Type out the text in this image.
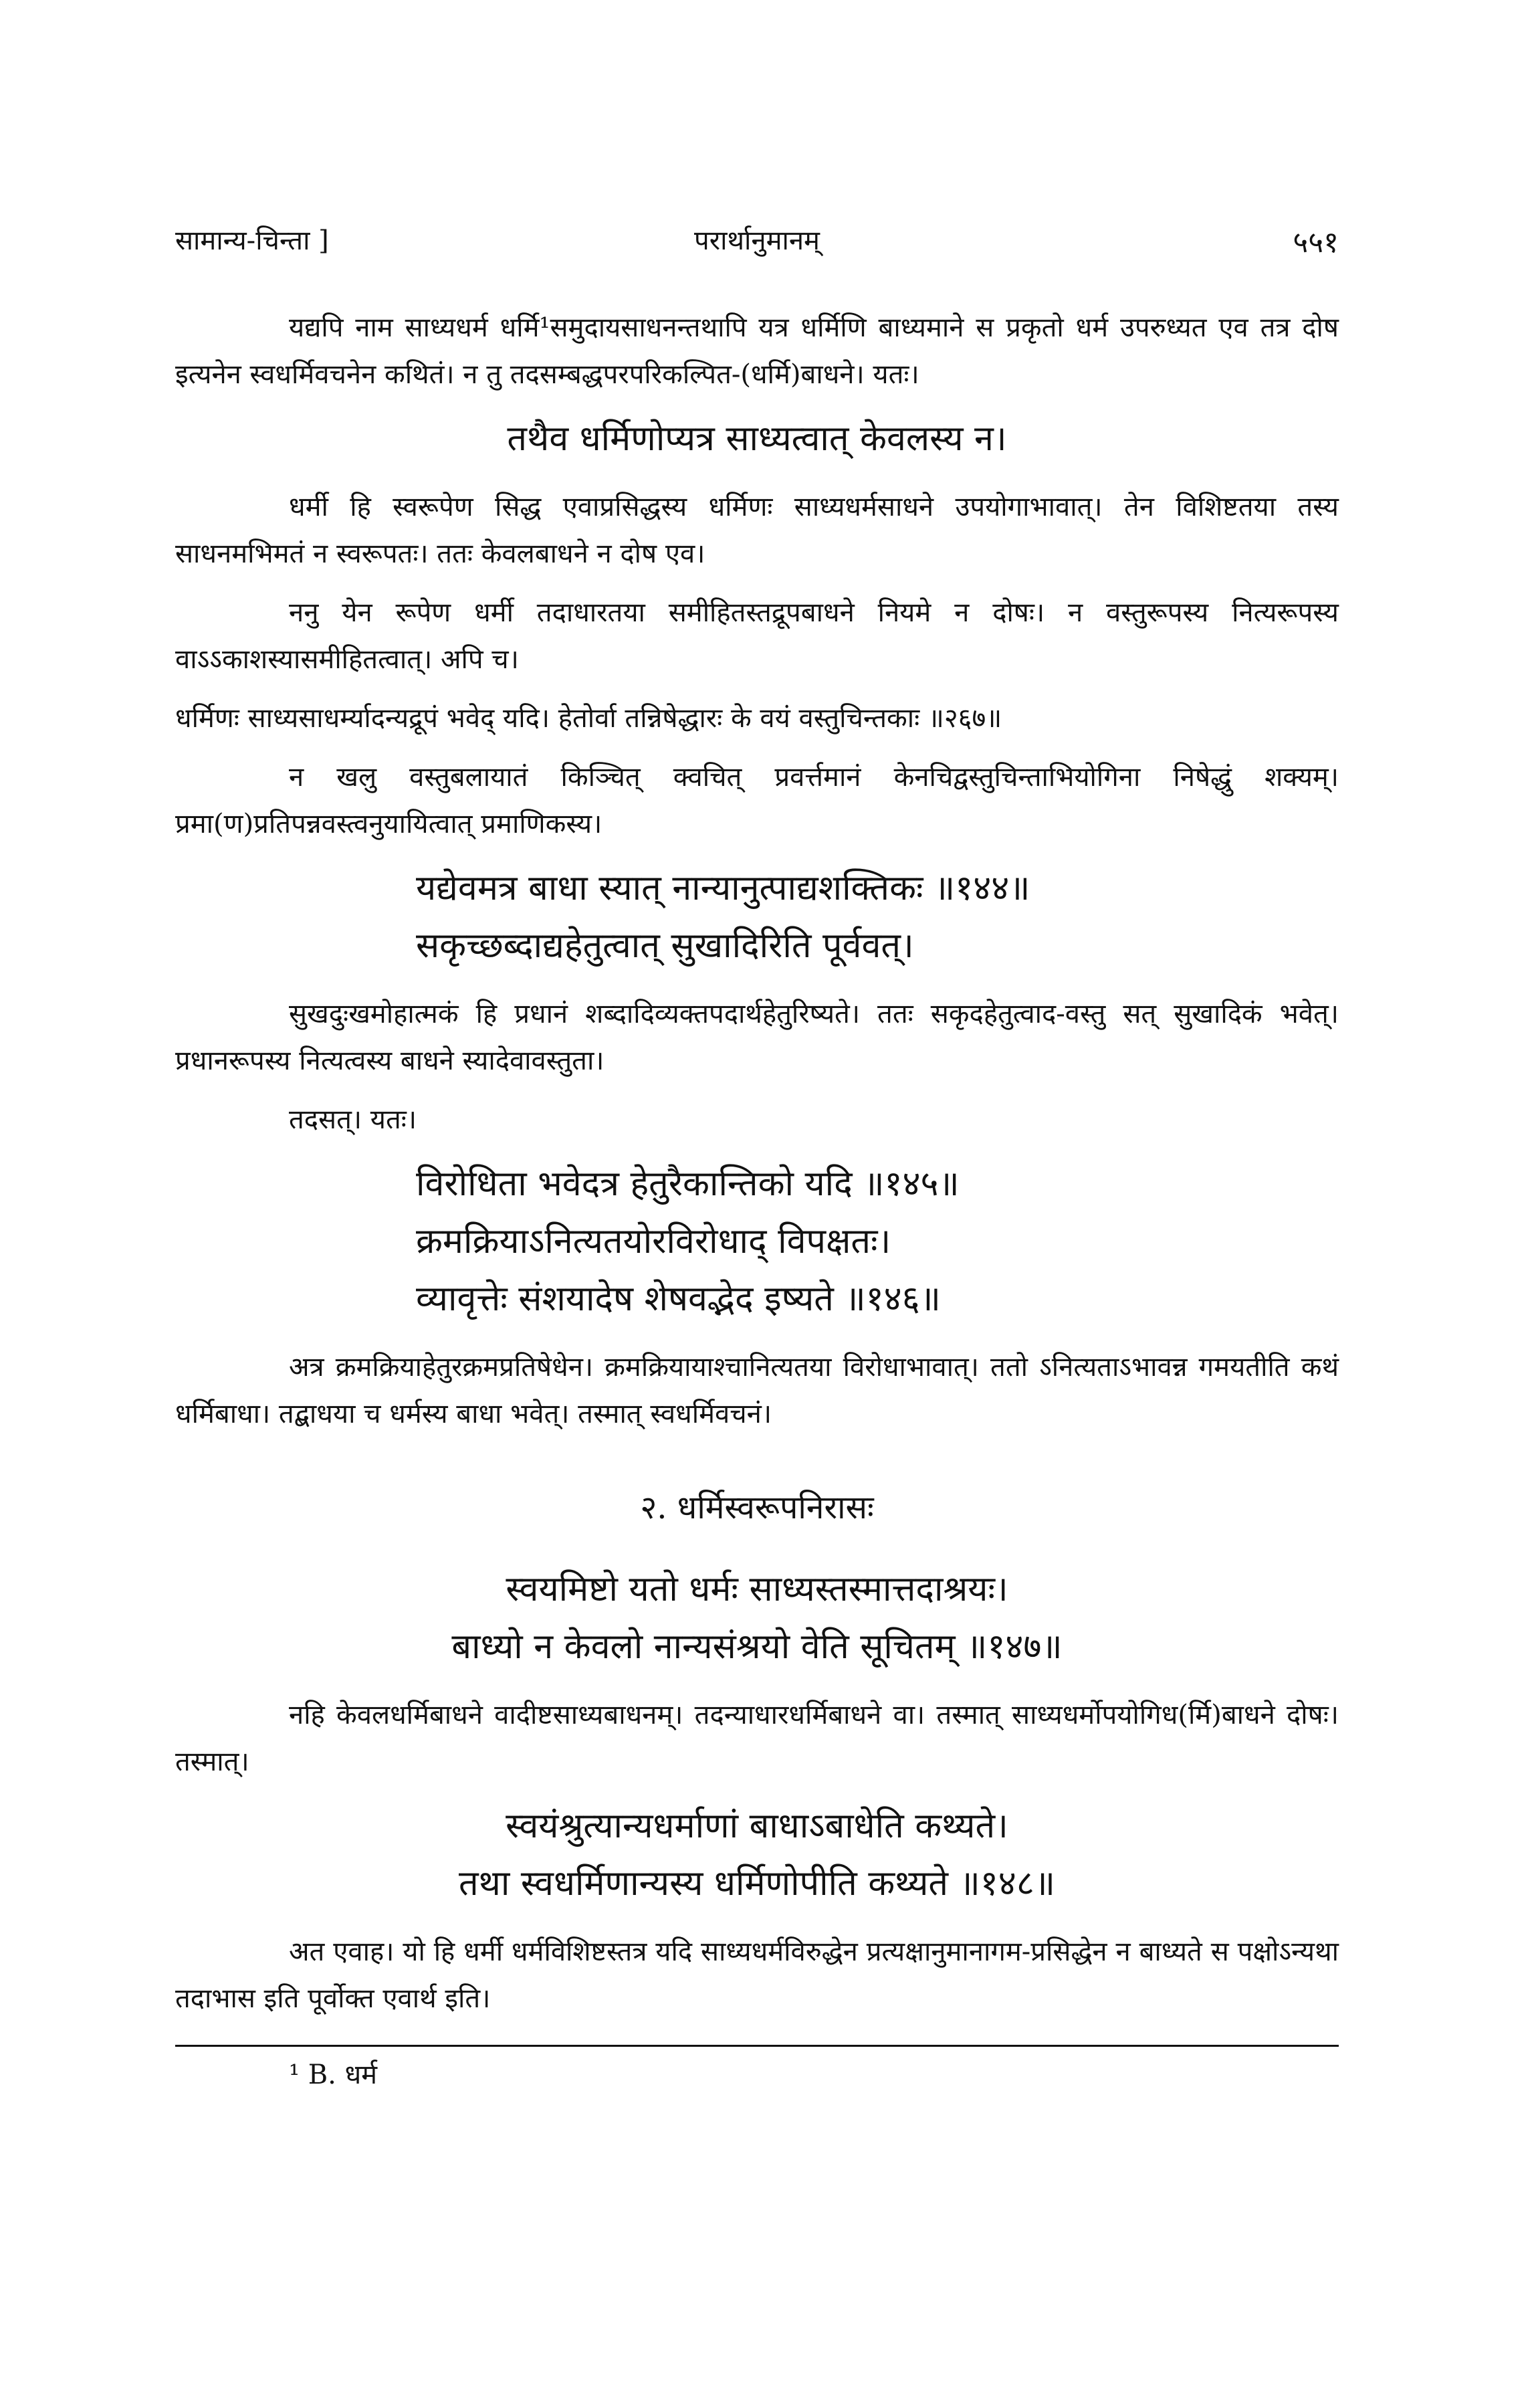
सामान्य-चिन्ता ]	परार्थानुमानम्	५५१

यद्यपि नाम साध्यधर्म धर्मि¹समुदायसाधनन्तथापि यत्र धर्मिणि बाध्यमाने स प्रकृतो धर्म उपरुध्यत एव तत्र दोष इत्यनेन स्वधर्मिवचनेन कथितं। न तु तदसम्बद्धपरपरिकल्पित-(धर्मि)बाधने। यतः।

तथैव धर्मिणोप्यत्र साध्यत्वात् केवलस्य न।

धर्मी हि स्वरूपेण सिद्ध एवाप्रसिद्धस्य धर्मिणः साध्यधर्मसाधने उपयोगाभावात्। तेन विशिष्टतया तस्य साधनमभिमतं न स्वरूपतः। ततः केवलबाधने न दोष एव।

ननु येन रूपेण धर्मी तदाधारतया समीहितस्तद्रूपबाधने नियमे न दोषः। न वस्तुरूपस्य नित्यरूपस्य वाऽऽकाशस्यासमीहितत्वात्। अपि च।

धर्मिणः साध्यसाधर्म्यादन्यद्रूपं भवेद् यदि। हेतोर्वा तन्निषेद्धारः के वयं वस्तुचिन्तकाः ॥२६७॥

न खलु वस्तुबलायातं किञ्चित् क्वचित् प्रवर्त्तमानं केनचिद्वस्तुचिन्ताभियोगिना निषेद्धुं शक्यम्। प्रमा(ण)प्रतिपन्नवस्त्वनुयायित्वात् प्रमाणिकस्य।

यद्येवमत्र बाधा स्यात् नान्यानुत्पाद्यशक्तिकः ॥१४४॥
सकृच्छब्दाद्यहेतुत्वात् सुखादिरिति पूर्ववत्।

सुखदुःखमोहात्मकं हि प्रधानं शब्दादिव्यक्तपदार्थहेतुरिष्यते। ततः सकृदहेतुत्वाद-वस्तु सत् सुखादिकं भवेत्। प्रधानरूपस्य नित्यत्वस्य बाधने स्यादेवावस्तुता।

तदसत्। यतः।

विरोधिता भवेदत्र हेतुरैकान्तिको यदि ॥१४५॥
क्रमक्रियाऽनित्यतयोरविरोधाद् विपक्षतः।
व्यावृत्तेः संशयादेष शेषवद्भेद इष्यते ॥१४६॥

अत्र क्रमक्रियाहेतुरक्रमप्रतिषेधेन। क्रमक्रियायाश्चानित्यतया विरोधाभावात्। ततो ऽनित्यताऽभावन्न गमयतीति कथं धर्मिबाधा। तद्बाधया च धर्मस्य बाधा भवेत्। तस्मात् स्वधर्मिवचनं।

२. धर्मिस्वरूपनिरासः
स्वयमिष्टो यतो धर्मः साध्यस्तस्मात्तदाश्रयः।
बाध्यो न केवलो नान्यसंश्रयो वेति सूचितम् ॥१४७॥

नहि केवलधर्मिबाधने वादीष्टसाध्यबाधनम्। तदन्याधारधर्मिबाधने वा। तस्मात् साध्यधर्मोपयोगिध(र्मि)बाधने दोषः। तस्मात्।

स्वयंश्रुत्यान्यधर्माणां बाधाऽबाधेति कथ्यते।
तथा स्वधर्मिणान्यस्य धर्मिणोपीति कथ्यते ॥१४८॥

अत एवाह। यो हि धर्मी धर्मविशिष्टस्तत्र यदि साध्यधर्मविरुद्धेन प्रत्यक्षानुमानागम-प्रसिद्धेन न बाध्यते स पक्षोऽन्यथा तदाभास इति पूर्वोक्त एवार्थ इति।

¹ B. धर्म
